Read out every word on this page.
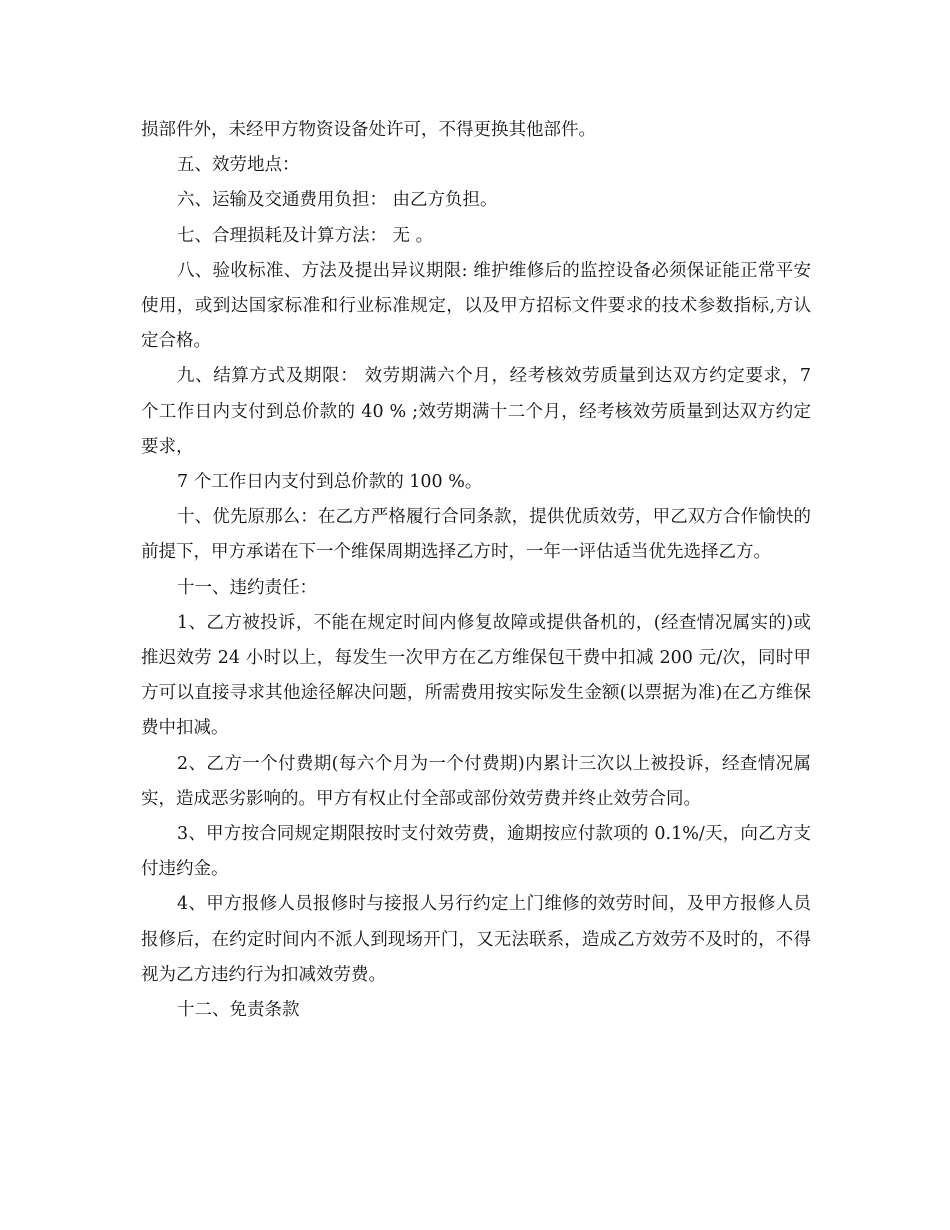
损部件外，未经甲方物资设备处许可，不得更换其他部件。

五、效劳地点：

六、运输及交通费用负担： 由乙方负担。

七、合理损耗及计算方法： 无 。

八、验收标准、方法及提出异议期限: 维护维修后的监控设备必须保证能正常平安使用，或到达国家标准和行业标准规定，以及甲方招标文件要求的技术参数指标,方认定合格。

九、结算方式及期限： 效劳期满六个月，经考核效劳质量到达双方约定要求，7 个工作日内支付到总价款的 40 % ;效劳期满十二个月，经考核效劳质量到达双方约定要求，

7 个工作日内支付到总价款的 100 %。

十、优先原那么：在乙方严格履行合同条款，提供优质效劳，甲乙双方合作愉快的前提下，甲方承诺在下一个维保周期选择乙方时，一年一评估适当优先选择乙方。

十一、违约责任：

1、乙方被投诉，不能在规定时间内修复故障或提供备机的，(经查情况属实的)或推迟效劳 24 小时以上，每发生一次甲方在乙方维保包干费中扣减 200 元/次，同时甲方可以直接寻求其他途径解决问题，所需费用按实际发生金额(以票据为准)在乙方维保费中扣减。

2、乙方一个付费期(每六个月为一个付费期)内累计三次以上被投诉，经查情况属实，造成恶劣影响的。甲方有权止付全部或部份效劳费并终止效劳合同。

3、甲方按合同规定期限按时支付效劳费，逾期按应付款项的 0.1%/天，向乙方支付违约金。

4、甲方报修人员报修时与接报人另行约定上门维修的效劳时间，及甲方报修人员报修后，在约定时间内不派人到现场开门，又无法联系，造成乙方效劳不及时的，不得视为乙方违约行为扣减效劳费。

十二、免责条款
